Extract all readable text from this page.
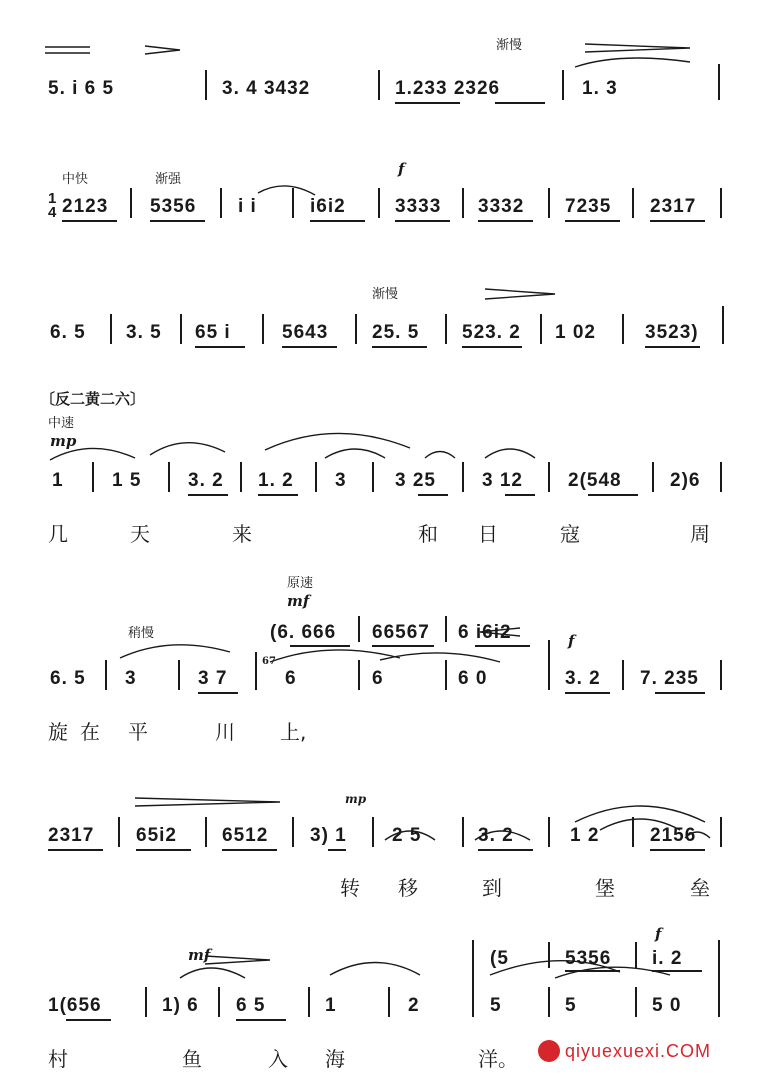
渐慢
5. i 6 5	3. 4 3432	1.233 2326	1. 3
中快	渐强
f
1
4 2123 5356 i i	i6i2	3333 3332 7235 2317
渐慢
6. 5 3. 5 65 i	5643 25. 5 523. 2 1 02	3523)
〔反二黄二六〕
中速
mp
1	1 5 3. 2 1. 2 3	3 25 3 12 2(548	2)6
几	天	来	和 日	寇	周
原速
mf
稍慢	(6. 666 66567 6 i6i2	f
6. 5 3	3 7
67
6	6	6 0	3. 2 7. 235
旋 在 平	川 上,
mp
2317 65i2 6512 3) 1 2 5	3. 2	1 2	2156
转 移	到	堡	垒
mf
f
(5	5356 i. 2
1(656	1) 6 6 5	1	2	5	5	5 0
村	鱼	入 海	洋。	qiyuexuexi.COM
